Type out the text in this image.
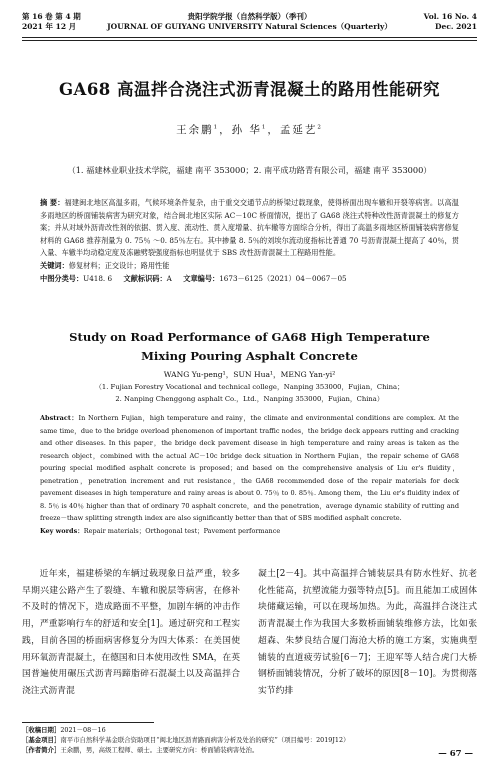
第 16 卷 第 4 期
2021 年 12 月
贵阳学院学报（自然科学版）（季刊）
JOURNAL OF GUIYANG UNIVERSITY Natural Sciences（Quarterly）
Vol. 16 No. 4
Dec. 2021
GA68 高温拌合浇注式沥青混凝土的路用性能研究
王余鹏$^1$，孙 华$^1$，孟延艺$^2$
（1. 福建林业职业技术学院，福建 南平 353000；2. 南平成功路青有限公司，福建 南平 353000）
摘 要：福建闽北地区高温多雨，气候环境条件复杂，由于重交交通节点的桥梁过载现象，使得桥面出现车辙和开裂等病害。以高温多雨地区的桥面铺装病害为研究对象，结合闽北地区实际 AC－10C 桥面情况，提出了 GA68 浇注式特种改性沥青混凝土的修复方案；并从对域外沥青改性剂的依据、贯入度、流动性、贯入度增量、抗车辙等方面综合分析，得出了高温多雨地区桥面铺装病害修复材料的 GA68 推荐剂量为 0. 75％ ～0. 85％左右。其中掺量 8. 5％的刘埃尔流动度指标比普通 70 号沥青混凝土提高了 40％，贯入量、车辙半均动稳定度及冻融劈裂强度指标也明显优于 SBS 改性沥青混凝土工程路用性能。
关键词：修复材料；正交设计；路用性能
中图分类号：U418. 6 文献标识码：A 文章编号：1673－6125（2021）04－0067－05
Study on Road Performance of GA68 High Temperature
Mixing Pouring Asphalt Concrete
WANG Yu-peng¹，SUN Hua¹，MENG Yan-yi²
（1. Fujian Forestry Vocational and technical college，Nanping 353000，Fujian，China；
2. Nanping Chenggong asphalt Co.，Ltd.，Nanping 353000，Fujian，China）
Abstract：In Northern Fujian，high temperature and rainy，the climate and environmental conditions are complex. At the same time，due to the bridge overload phenomenon of important traffic nodes，the bridge deck appears rutting and cracking and other diseases. In this paper，the bridge deck pavement disease in high temperature and rainy areas is taken as the research object，combined with the actual AC－10c bridge deck situation in Northern Fujian，the repair scheme of GA68 pouring special modified asphalt concrete is proposed；and based on the comprehensive analysis of Liu er's fluidity，penetration，penetration increment and rut resistance，the GA68 recommended dose of the repair materials for deck pavement diseases in high temperature and rainy areas is about 0. 75％ to 0. 85％. Among them，the Liu er's fluidity index of 8. 5％ is 40％ higher than that of ordinary 70 asphalt concrete，and the penetration，average dynamic stability of rutting and freeze－thaw splitting strength index are also significantly better than that of SBS modified asphalt concrete.
Key words：Repair materials；Orthogonal test；Pavement performance
近年来，福建桥梁的车辆过载现象日益严重，较多早期兴建公路产生了裂缝、车辙和脱层等病害，在修补不及时的情况下，造成路面不平整，加剧车辆的冲击作用，严重影响行车的舒适和安全[1]。通过研究和工程实践，目前各国的桥面病害修复分为四大体系：在美国使用环氧沥青混凝土，在德国和日本使用改性 SMA，在英国普遍使用碾压式沥青玛蹄脂碎石混凝土以及高温拌合浇注式沥青混
凝土[2－4]。其中高温拌合铺装层具有防水性好、抗老化性能高，抗塑流能力强等特点[5]。而且能加工成固体块储藏运输，可以在现场加热。为此，高温拌合浇注式沥青混凝土作为我国大多数桥面铺装维修方法，比如张超森、朱梦良结合厦门海沧大桥的施工方案，实施典型铺装的直道疲劳试验[6－7]；王迎军等人结合虎门大桥钢桥面铺装情况，分析了破坏的原因[8－10]。为贯彻落实节约排
［收稿日期］2021－08－16
［基金项目］南平市自然科学基金联合资助项目“闽北地区沥青路面病害分析及处治的研究”（项目编号：2019J12）
［作者简介］王余鹏，男，高级工程师、硕士。主要研究方向：桥面铺装病害处治。	— 67 —
